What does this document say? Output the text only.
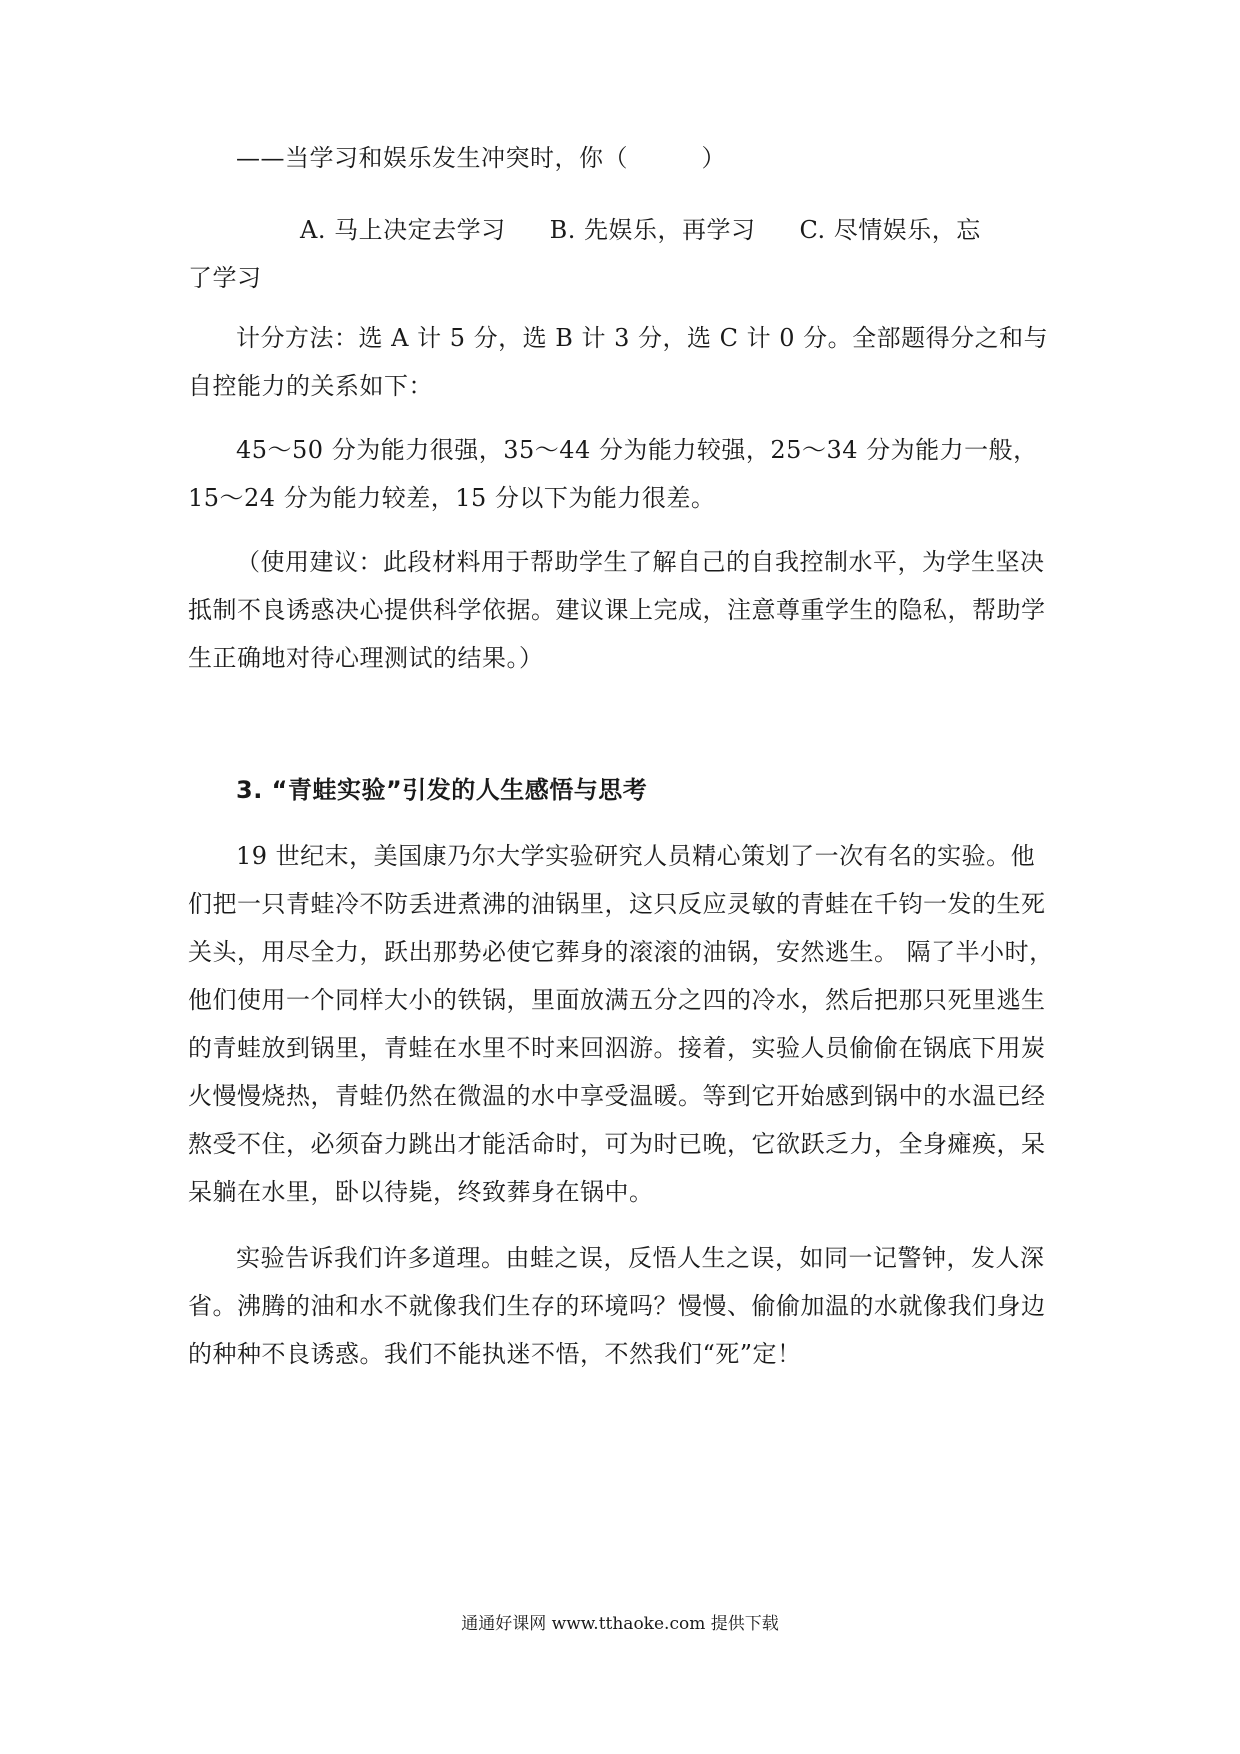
——当学习和娱乐发生冲突时，你（　　　）

A. 马上决定去学习 B. 先娱乐，再学习 C. 尽情娱乐，忘
了学习

计分方法：选 A 计 5 分，选 B 计 3 分，选 C 计 0 分。全部题得分之和与自控能力的关系如下：

45～50 分为能力很强，35～44 分为能力较强，25～34 分为能力一般，15～24 分为能力较差，15 分以下为能力很差。

（使用建议：此段材料用于帮助学生了解自己的自我控制水平，为学生坚决抵制不良诱惑决心提供科学依据。建议课上完成，注意尊重学生的隐私，帮助学生正确地对待心理测试的结果。）

3. “青蛙实验”引发的人生感悟与思考

19 世纪末，美国康乃尔大学实验研究人员精心策划了一次有名的实验。他们把一只青蛙冷不防丢进煮沸的油锅里，这只反应灵敏的青蛙在千钧一发的生死关头，用尽全力，跃出那势必使它葬身的滚滚的油锅，安然逃生。 隔了半小时，他们使用一个同样大小的铁锅，里面放满五分之四的冷水，然后把那只死里逃生的青蛙放到锅里，青蛙在水里不时来回泅游。接着，实验人员偷偷在锅底下用炭火慢慢烧热，青蛙仍然在微温的水中享受温暖。等到它开始感到锅中的水温已经熬受不住，必须奋力跳出才能活命时，可为时已晚，它欲跃乏力，全身瘫痪，呆呆躺在水里，卧以待毙，终致葬身在锅中。

实验告诉我们许多道理。由蛙之误，反悟人生之误，如同一记警钟，发人深省。沸腾的油和水不就像我们生存的环境吗？慢慢、偷偷加温的水就像我们身边的种种不良诱惑。我们不能执迷不悟，不然我们“死”定！

通通好课网 www.tthaoke.com 提供下载
